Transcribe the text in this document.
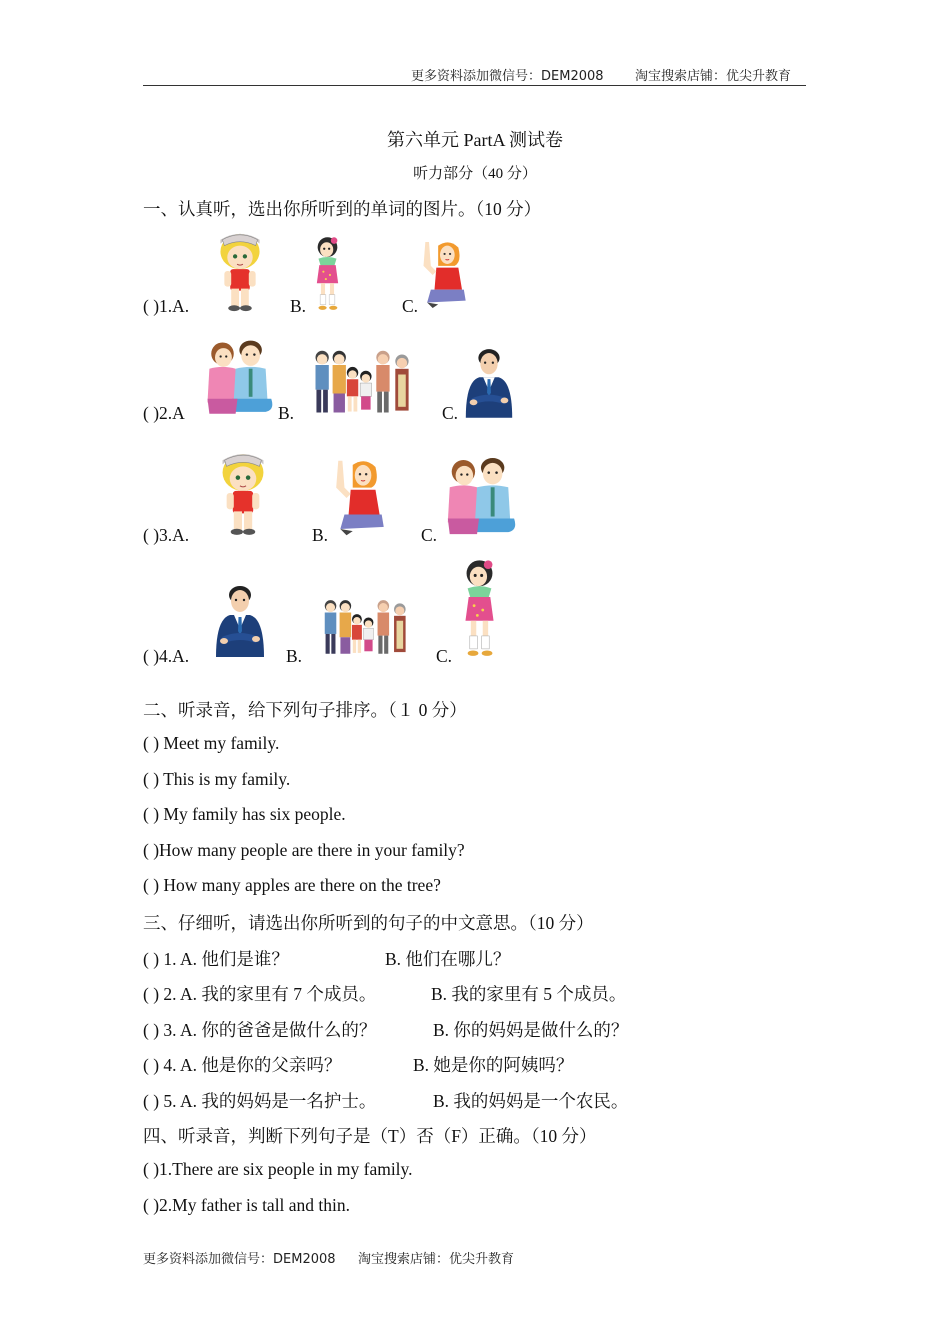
更多资料添加微信号：DEM2008 淘宝搜索店铺：优尖升教育
第六单元 PartA 测试卷
听力部分（40 分）
一、认真听，选出你所听到的单词的图片。（10 分）
( )1.A.	B.	C.
( )2.A	B.	C.
( )3.A.	B.	C.
( )4.A.	B.	C.
二、听录音，给下列句子排序。（１ 0 分）
( ) Meet my family.
( ) This is my family.
( ) My family has six people.
( )How many people are there in your family?
( ) How many apples are there on the tree?
三、仔细听，请选出你所听到的句子的中文意思。（10 分）
( ) 1. A. 他们是谁？	B. 他们在哪儿？
( ) 2. A. 我的家里有 7 个成员。	B. 我的家里有 5 个成员。
( ) 3. A. 你的爸爸是做什么的？	B. 你的妈妈是做什么的？
( ) 4. A. 他是你的父亲吗？	B. 她是你的阿姨吗？
( ) 5. A. 我的妈妈是一名护士。	B. 我的妈妈是一个农民。
四、听录音，判断下列句子是（T）否（F）正确。（10 分）
( )1.There are six people in my family.
( )2.My father is tall and thin.
更多资料添加微信号：DEM2008 淘宝搜索店铺：优尖升教育
